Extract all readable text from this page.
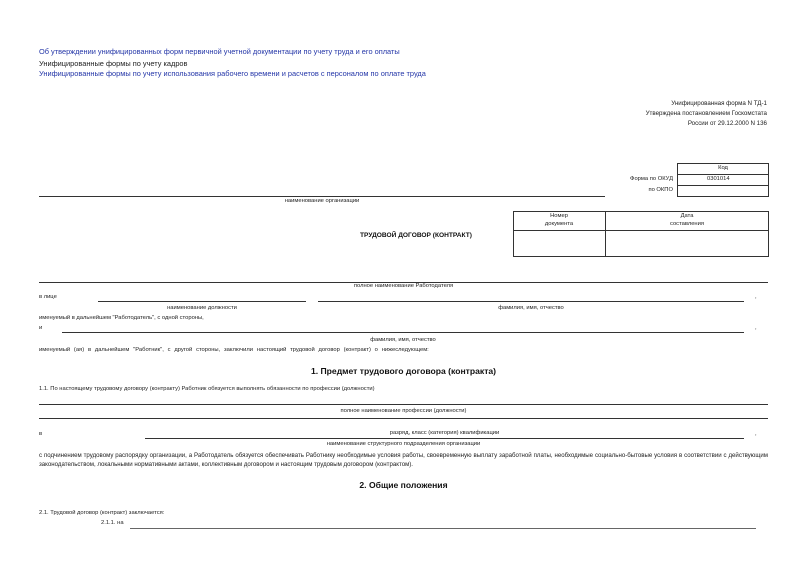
Об утверждении унифицированных форм первичной учетной документации по учету труда и его оплаты
Унифицированные формы по учету кадров
Унифицированные формы по учету использования рабочего времени и расчетов с персоналом по оплате труда
Унифицированная форма N ТД-1
Утверждена постановлением Госкомстата
России от 29.12.2000 N 136
Код
Форма по ОКУД	0301014
по ОКПО
наименование организации
ТРУДОВОЙ ДОГОВОР (КОНТРАКТ)
Номер
документа
Дата
составления
полное наименование Работодателя
в лице	,
наименование должности	фамилия, имя, отчество
именуемый в дальнейшем "Работодатель", с одной стороны,
и	,
фамилия, имя, отчество
именуемый (ая) в дальнейшем "Работник", с другой стороны, заключили настоящий трудовой договор (контракт) о нижеследующем:
1. Предмет трудового договора (контракта)
1.1. По настоящему трудовому договору (контракту) Работник обязуется выполнять обязанности по профессии (должности)
полное наименование профессии (должности)
в	,
разряд, класс (категория) квалификации
наименование структурного подразделения организации
с подчинением трудовому распорядку организации, а Работодатель обязуется обеспечивать Работнику необходимые условия работы, своевременную выплату заработной платы, необходимые социально-бытовые условия в соответствии с действующим законодательством, локальными нормативными актами, коллективным договором и настоящим трудовым договором (контрактом).
2. Общие положения
2.1. Трудовой договор (контракт) заключается:
2.1.1. на
